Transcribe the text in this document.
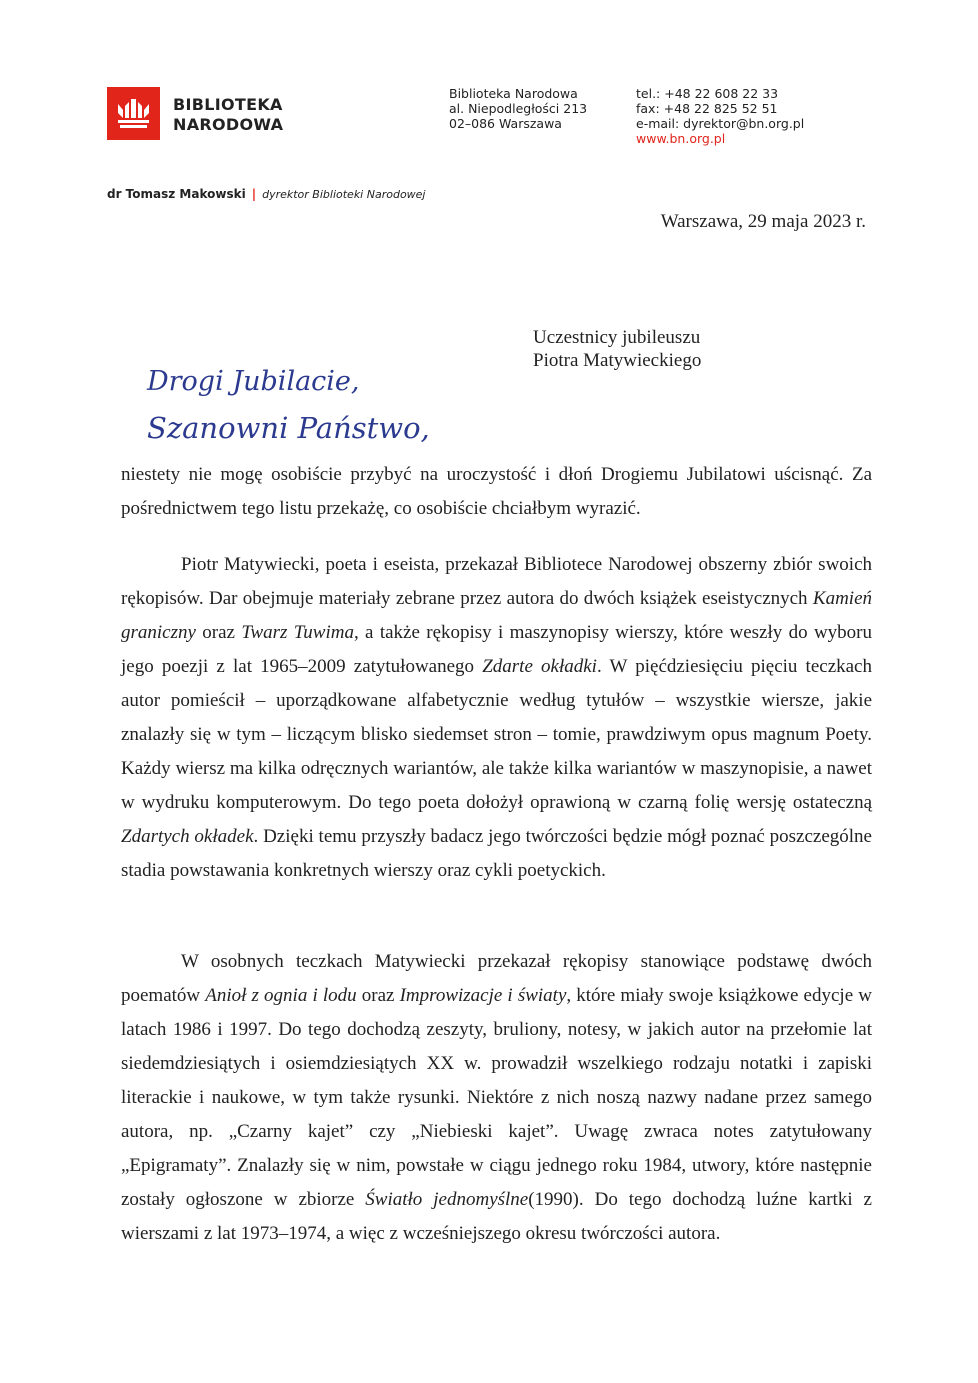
BIBLIOTEKA
NARODOWA
Biblioteka Narodowa
al. Niepodległości 213
02–086 Warszawa
tel.: +48 22 608 22 33
fax: +48 22 825 52 51
e-mail: dyrektor@bn.org.pl
www.bn.org.pl
dr Tomasz Makowski | dyrektor Biblioteki Narodowej
Warszawa, 29 maja 2023 r.
Uczestnicy jubileuszu
Piotra Matywieckiego
Drogi Jubilacie,
Szanowni Państwo,

niestety nie mogę osobiście przybyć na uroczystość i dłoń Drogiemu Jubilatowi uścisnąć. Za pośrednictwem tego listu przekażę, co osobiście chciałbym wyrazić.

Piotr Matywiecki, poeta i eseista, przekazał Bibliotece Narodowej obszerny zbiór swoich rękopisów. Dar obejmuje materiały zebrane przez autora do dwóch książek eseistycznych Kamień graniczny oraz Twarz Tuwima, a także rękopisy i maszynopisy wierszy, które weszły do wyboru jego poezji z lat 1965–2009 zatytułowanego Zdarte okładki. W pięćdziesięciu pięciu teczkach autor pomieścił – uporządkowane alfabetycznie według tytułów – wszystkie wiersze, jakie znalazły się w tym – liczącym blisko siedemset stron – tomie, prawdziwym opus magnum Poety. Każdy wiersz ma kilka odręcznych wariantów, ale także kilka wariantów w maszynopisie, a nawet w wydruku komputerowym. Do tego poeta dołożył oprawioną w czarną folię wersję ostateczną Zdartych okładek. Dzięki temu przyszły badacz jego twórczości będzie mógł poznać poszczególne stadia powstawania konkretnych wierszy oraz cykli poetyckich.

W osobnych teczkach Matywiecki przekazał rękopisy stanowiące podstawę dwóch poematów Anioł z ognia i lodu oraz Improwizacje i światy, które miały swoje książkowe edycje w latach 1986 i 1997. Do tego dochodzą zeszyty, bruliony, notesy, w jakich autor na przełomie lat siedemdziesiątych i osiemdziesiątych XX w. prowadził wszelkiego rodzaju notatki i zapiski literackie i naukowe, w tym także rysunki. Niektóre z nich noszą nazwy nadane przez samego autora, np. „Czarny kajet” czy „Niebieski kajet”. Uwagę zwraca notes zatytułowany „Epigramaty”. Znalazły się w nim, powstałe w ciągu jednego roku 1984, utwory, które następnie zostały ogłoszone w zbiorze Światło jednomyślne(1990). Do tego dochodzą luźne kartki z wierszami z lat 1973–1974, a więc z wcześniejszego okresu twórczości autora.
